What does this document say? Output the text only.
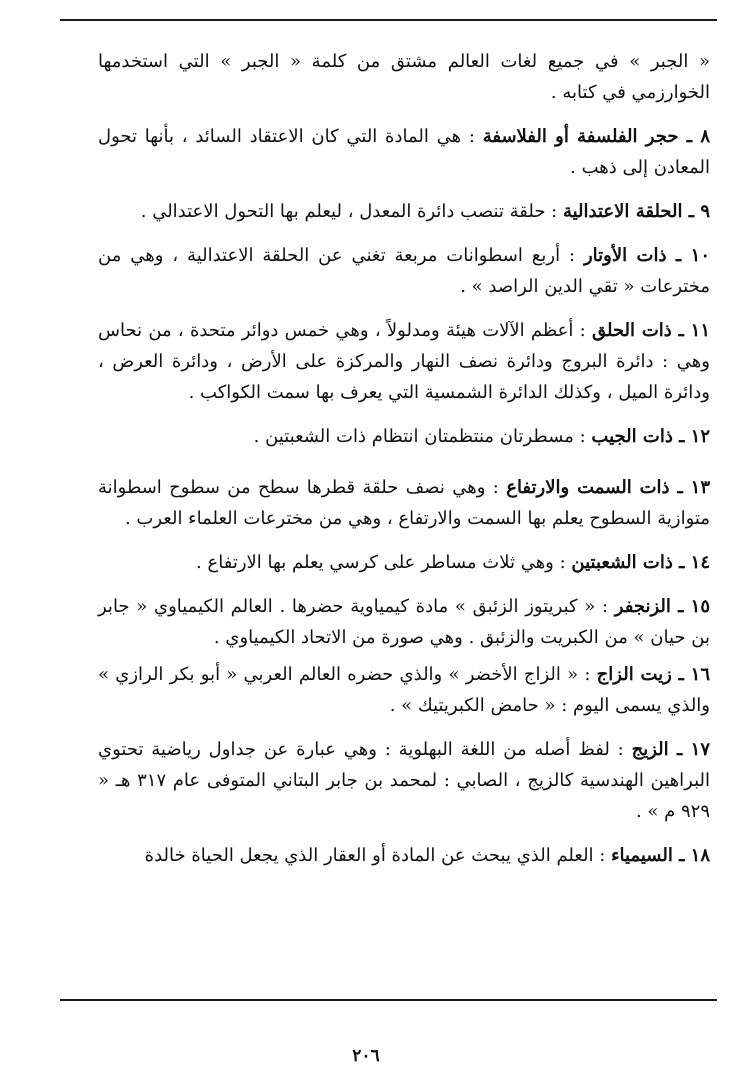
« الجبر » في جميع لغات العالم مشتق من كلمة « الجبر » التي استخدمها الخوارزمي في كتابه .

٨ ـ حجر الفلسفة أو الفلاسفة : هي المادة التي كان الاعتقاد السائد ، بأنها تحول المعادن إلى ذهب .

٩ ـ الحلقة الاعتدالية : حلقة تنصب دائرة المعدل ، ليعلم بها التحول الاعتدالي .

١٠ ـ ذات الأوتار : أربع اسطوانات مربعة تغني عن الحلقة الاعتدالية ، وهي من مخترعات « تقي الدين الراصد » .

١١ ـ ذات الحلق : أعظم الآلات هيئة ومدلولاً ، وهي خمس دوائر متحدة ، من نحاس وهي : دائرة البروج ودائرة نصف النهار والمركزة على الأرض ، ودائرة العرض ، ودائرة الميل ، وكذلك الدائرة الشمسية التي يعرف بها سمت الكواكب .

١٢ ـ ذات الجيب : مسطرتان منتظمتان انتظام ذات الشعبتين .

١٣ ـ ذات السمت والارتفاع : وهي نصف حلقة قطرها سطح من سطوح اسطوانة متوازية السطوح يعلم بها السمت والارتفاع ، وهي من مخترعات العلماء العرب .

١٤ ـ ذات الشعبتين : وهي ثلاث مساطر على كرسي يعلم بها الارتفاع .

١٥ ـ الزنجفر : « كبريتوز الزئبق » مادة كيمياوية حضرها . العالم الكيمياوي « جابر بن حيان » من الكبريت والزئبق . وهي صورة من الاتحاد الكيمياوي .

١٦ ـ زيت الزاج : « الزاج الأخضر » والذي حضره العالم العربي « أبو بكر الرازي » والذي يسمى اليوم : « حامض الكبريتيك » .

١٧ ـ الزيج : لفظ أصله من اللغة البهلوية : وهي عبارة عن جداول رياضية تحتوي البراهين الهندسية كالزيج ، الصابي : لمحمد بن جابر البتاني المتوفى عام ٣١٧ هـ « ٩٢٩ م » .

١٨ ـ السيمياء : العلم الذي يبحث عن المادة أو العقار الذي يجعل الحياة خالدة

٢٠٦
